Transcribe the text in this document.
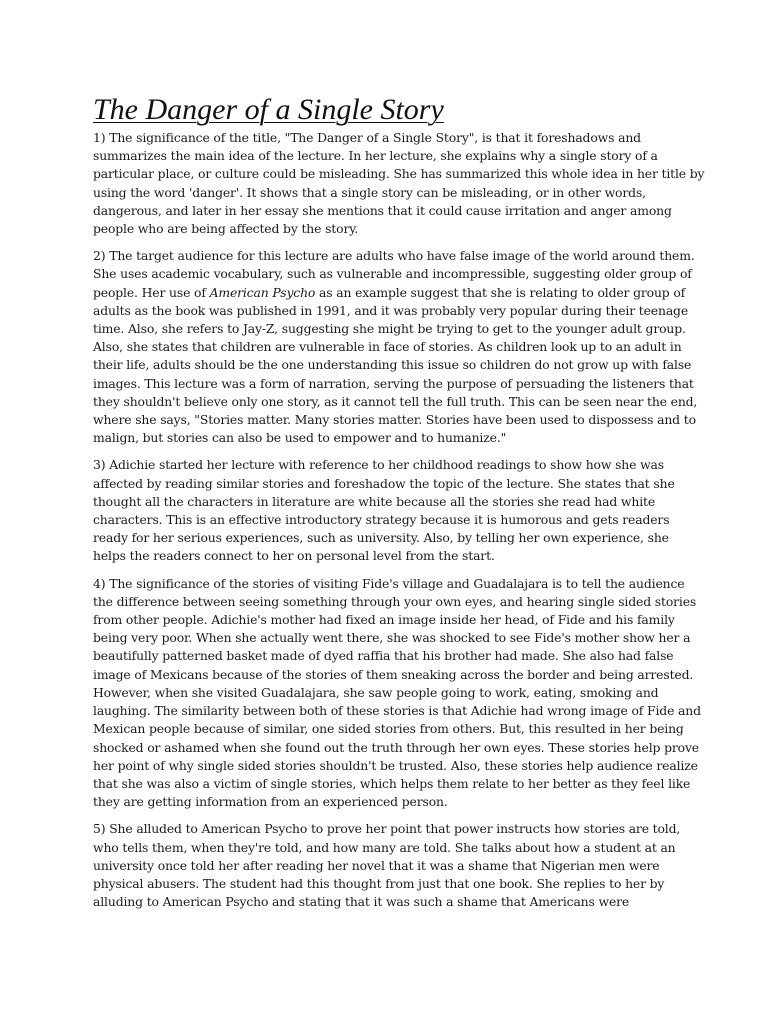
The Danger of a Single Story

1) The significance of the title, "The Danger of a Single Story", is that it foreshadows and summarizes the main idea of the lecture. In her lecture, she explains why a single story of a particular place, or culture could be misleading. She has summarized this whole idea in her title by using the word 'danger'. It shows that a single story can be misleading, or in other words, dangerous, and later in her essay she mentions that it could cause irritation and anger among people who are being affected by the story.

2) The target audience for this lecture are adults who have false image of the world around them. She uses academic vocabulary, such as vulnerable and incompressible, suggesting older group of people. Her use of American Psycho as an example suggest that she is relating to older group of adults as the book was published in 1991, and it was probably very popular during their teenage time. Also, she refers to Jay-Z, suggesting she might be trying to get to the younger adult group. Also, she states that children are vulnerable in face of stories. As children look up to an adult in their life, adults should be the one understanding this issue so children do not grow up with false images. This lecture was a form of narration, serving the purpose of persuading the listeners that they shouldn't believe only one story, as it cannot tell the full truth. This can be seen near the end, where she says, "Stories matter. Many stories matter. Stories have been used to dispossess and to malign, but stories can also be used to empower and to humanize."

3) Adichie started her lecture with reference to her childhood readings to show how she was affected by reading similar stories and foreshadow the topic of the lecture. She states that she thought all the characters in literature are white because all the stories she read had white characters. This is an effective introductory strategy because it is humorous and gets readers ready for her serious experiences, such as university. Also, by telling her own experience, she helps the readers connect to her on personal level from the start.

4) The significance of the stories of visiting Fide's village and Guadalajara is to tell the audience the difference between seeing something through your own eyes, and hearing single sided stories from other people. Adichie's mother had fixed an image inside her head, of Fide and his family being very poor. When she actually went there, she was shocked to see Fide's mother show her a beautifully patterned basket made of dyed raffia that his brother had made. She also had false image of Mexicans because of the stories of them sneaking across the border and being arrested. However, when she visited Guadalajara, she saw people going to work, eating, smoking and laughing. The similarity between both of these stories is that Adichie had wrong image of Fide and Mexican people because of similar, one sided stories from others. But, this resulted in her being shocked or ashamed when she found out the truth through her own eyes. These stories help prove her point of why single sided stories shouldn't be trusted. Also, these stories help audience realize that she was also a victim of single stories, which helps them relate to her better as they feel like they are getting information from an experienced person.

5) She alluded to American Psycho to prove her point that power instructs how stories are told, who tells them, when they're told, and how many are told. She talks about how a student at an university once told her after reading her novel that it was a shame that Nigerian men were physical abusers. The student had this thought from just that one book. She replies to her by alluding to American Psycho and stating that it was such a shame that Americans were
